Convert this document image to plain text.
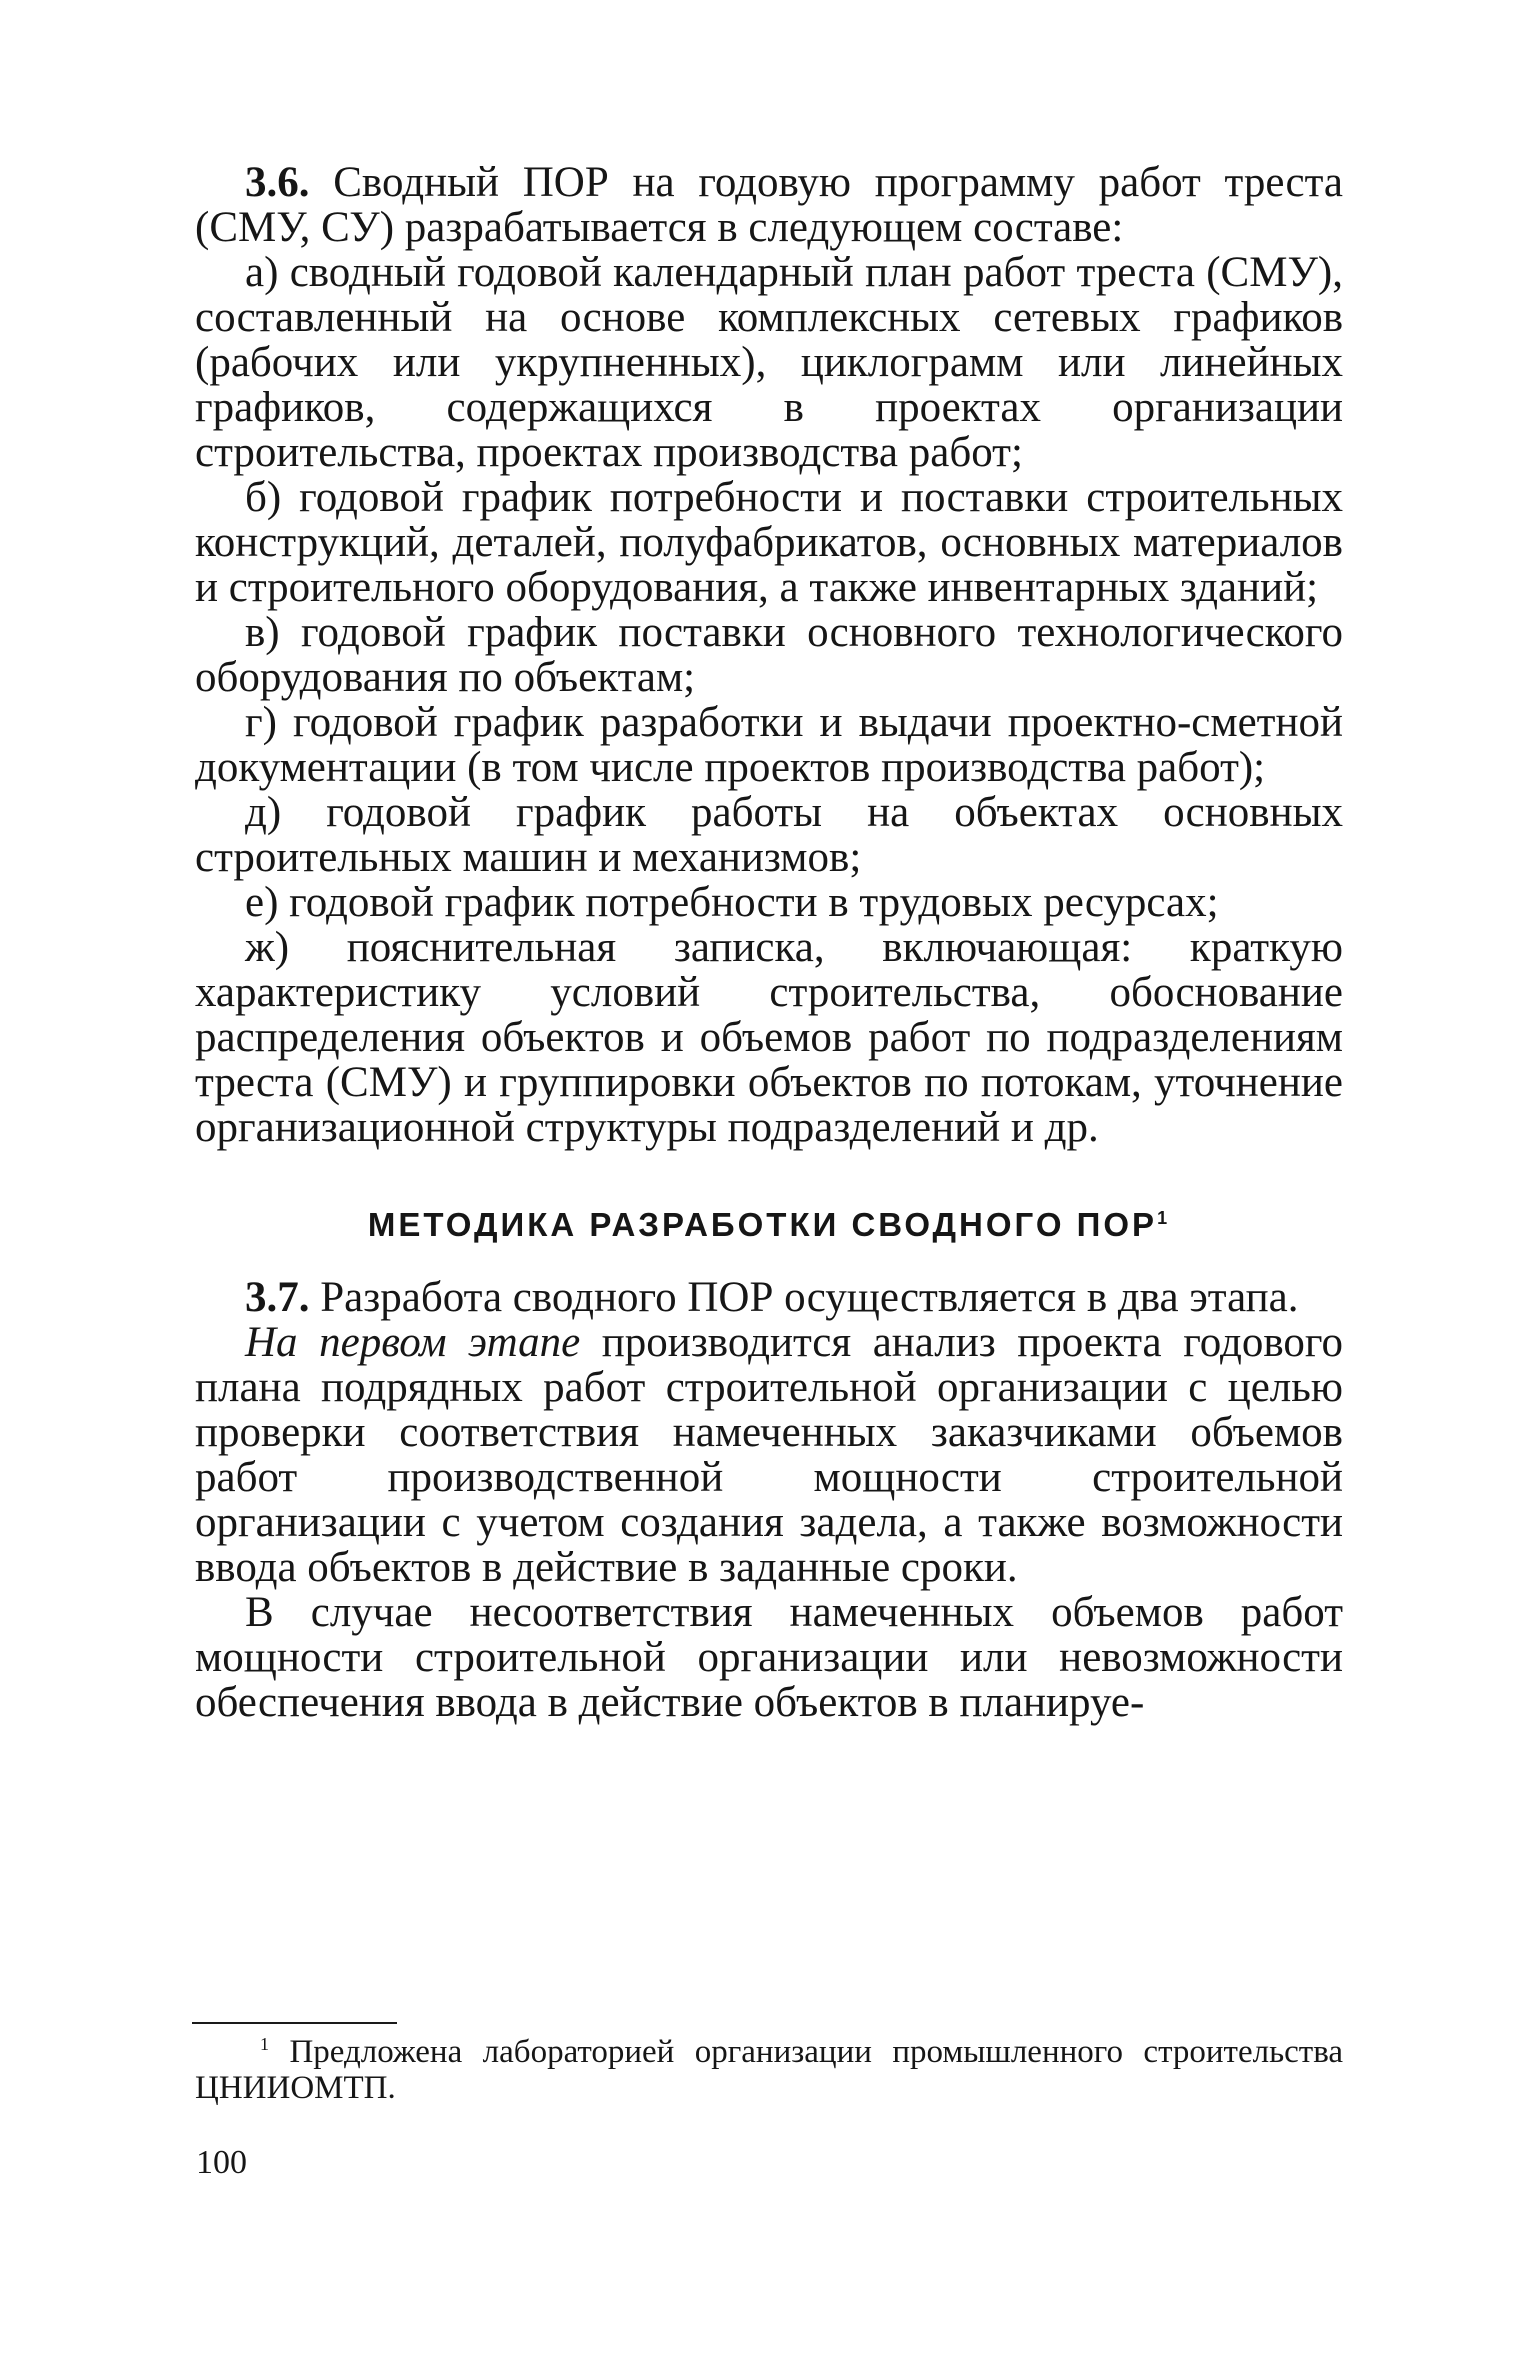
3.6. Сводный ПОР на годовую программу работ треста (СМУ, СУ) разрабатывается в следующем составе:

а) сводный годовой календарный план работ треста (СМУ), составленный на основе комплексных сетевых графиков (рабочих или укрупненных), циклограмм или линейных графиков, содержащихся в проектах организации строительства, проектах производства работ;

б) годовой график потребности и поставки строительных конструкций, деталей, полуфабрикатов, основных материалов и строительного оборудования, а также инвентарных зданий;

в) годовой график поставки основного технологического оборудования по объектам;

г) годовой график разработки и выдачи проектно-сметной документации (в том числе проектов производства работ);

д) годовой график работы на объектах основных строительных машин и механизмов;

е) годовой график потребности в трудовых ресурсах;

ж) пояснительная записка, включающая: краткую характеристику условий строительства, обоснование распределения объектов и объемов работ по подразделениям треста (СМУ) и группировки объектов по потокам, уточнение организационной структуры подразделений и др.

МЕТОДИКА РАЗРАБОТКИ СВОДНОГО ПОР$^1$

3.7. Разработа сводного ПОР осуществляется в два этапа.

На первом этапе производится анализ проекта годового плана подрядных работ строительной организации с целью проверки соответствия намеченных заказчиками объемов работ производственной мощности строительной организации с учетом создания задела, а также возможности ввода объектов в действие в заданные сроки.

В случае несоответствия намеченных объемов работ мощности строительной организации или невозможности обеспечения ввода в действие объектов в планируе-

$^1$ Предложена лабораторией организации промышленного строительства ЦНИИОМТП.
100
